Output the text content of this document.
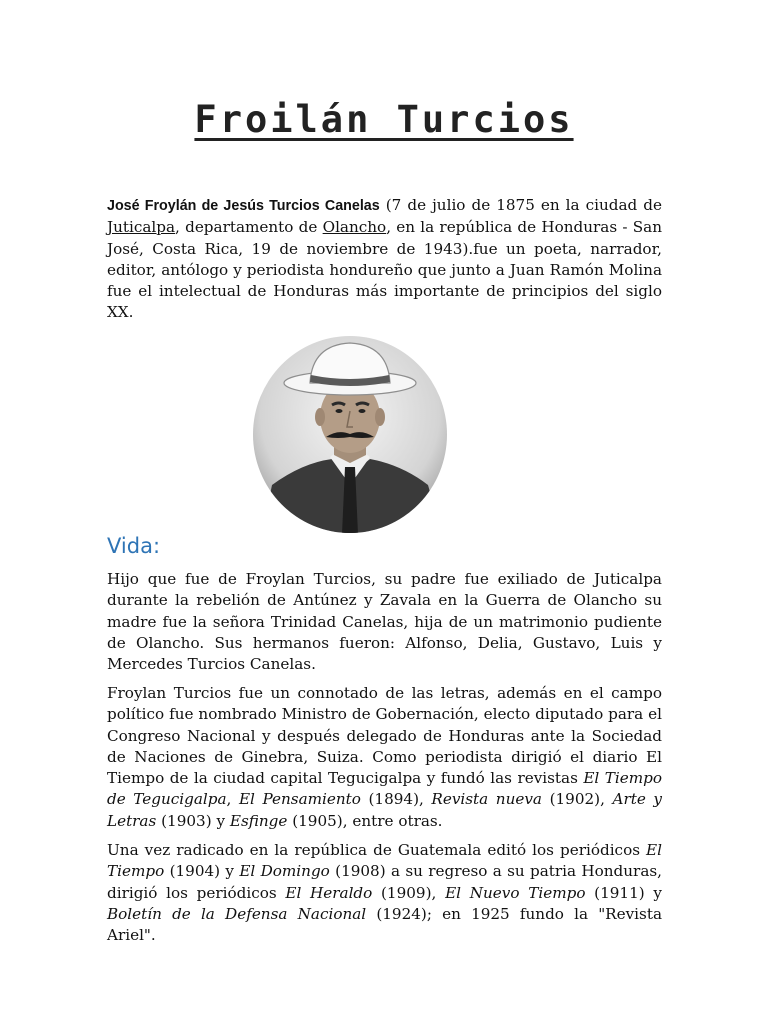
Froilán Turcios
José Froylán de Jesús Turcios Canelas (7 de julio de 1875 en la ciudad de Juticalpa, departamento de Olancho, en la república de Honduras - San José, Costa Rica, 19 de noviembre de 1943).fue un poeta, narrador, editor, antólogo y periodista hondureño que junto a Juan Ramón Molina fue el intelectual de Honduras más importante de principios del siglo XX.
Vida:
Hijo que fue de Froylan Turcios, su padre fue exiliado de Juticalpa durante la rebelión de Antúnez y Zavala en la Guerra de Olancho su madre fue la señora Trinidad Canelas, hija de un matrimonio pudiente de Olancho. Sus hermanos fueron: Alfonso, Delia, Gustavo, Luis y Mercedes Turcios Canelas.
Froylan Turcios fue un connotado de las letras, además en el campo político fue nombrado Ministro de Gobernación, electo diputado para el Congreso Nacional y después delegado de Honduras ante la Sociedad de Naciones de Ginebra, Suiza. Como periodista dirigió el diario El Tiempo de la ciudad capital Tegucigalpa y fundó las revistas El Tiempo de Tegucigalpa, El Pensamiento (1894), Revista nueva (1902), Arte y Letras (1903) y Esfinge (1905), entre otras.
Una vez radicado en la república de Guatemala editó los periódicos El Tiempo (1904) y El Domingo (1908) a su regreso a su patria Honduras, dirigió los periódicos El Heraldo (1909), El Nuevo Tiempo (1911) y Boletín de la Defensa Nacional (1924); en 1925 fundo la "Revista Ariel".
